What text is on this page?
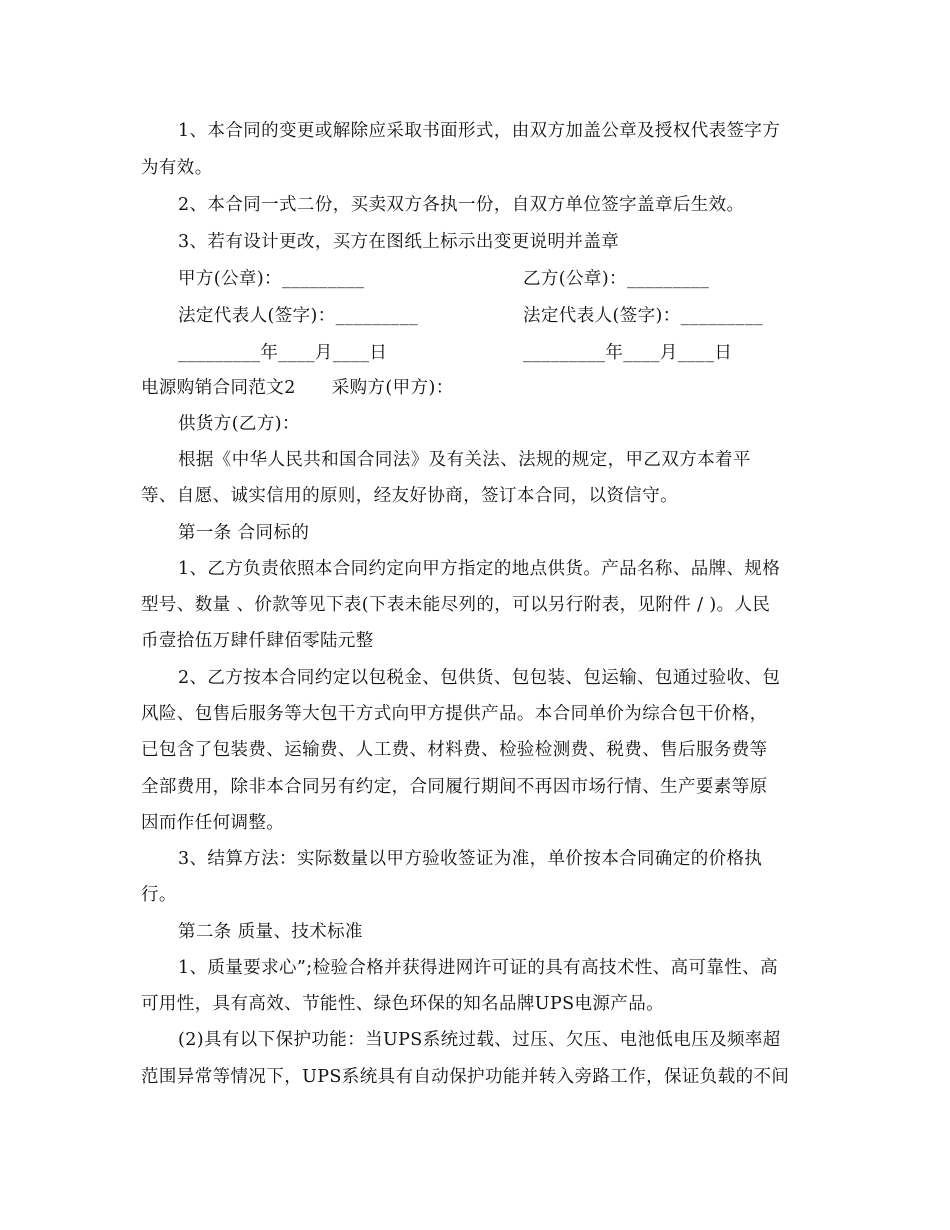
1、本合同的变更或解除应采取书面形式，由双方加盖公章及授权代表签字方
为有效。
2、本合同一式二份，买卖双方各执一份，自双方单位签字盖章后生效。
3、若有设计更改，买方在图纸上标示出变更说明并盖章
甲方(公章)：_________	乙方(公章)：_________
法定代表人(签字)：_________	法定代表人(签字)：_________
_________年____月____日	_________年____月____日
电源购销合同范文2 采购方(甲方)：
供货方(乙方)：
根据《中华人民共和国合同法》及有关法、法规的规定，甲乙双方本着平
等、自愿、诚实信用的原则，经友好协商，签订本合同，以资信守。
第一条 合同标的
1、乙方负责依照本合同约定向甲方指定的地点供货。产品名称、品牌、规格
型号、数量 、价款等见下表(下表未能尽列的，可以另行附表，见附件 / )。人民
币壹拾伍万肆仟肆佰零陆元整
2、乙方按本合同约定以包税金、包供货、包包装、包运输、包通过验收、包
风险、包售后服务等大包干方式向甲方提供产品。本合同单价为综合包干价格，
已包含了包装费、运输费、人工费、材料费、检验检测费、税费、售后服务费等
全部费用，除非本合同另有约定，合同履行期间不再因市场行情、生产要素等原
因而作任何调整。
3、结算方法：实际数量以甲方验收签证为准，单价按本合同确定的价格执
行。
第二条 质量、技术标准
1、质量要求心”;检验合格并获得进网许可证的具有高技术性、高可靠性、高
可用性，具有高效、节能性、绿色环保的知名品牌UPS电源产品。
(2)具有以下保护功能：当UPS系统过载、过压、欠压、电池低电压及频率超
范围异常等情况下，UPS系统具有自动保护功能并转入旁路工作，保证负载的不间
